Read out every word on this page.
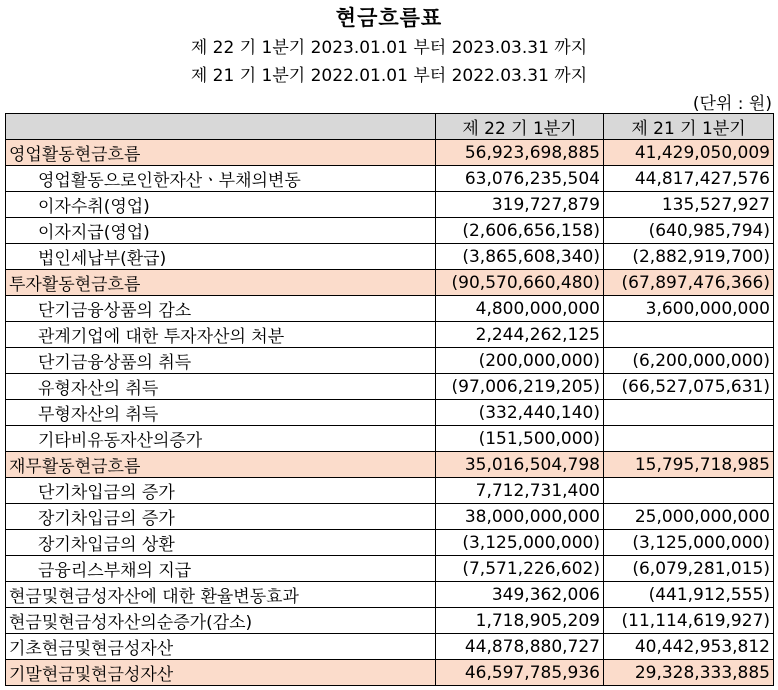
현금흐름표
제 22 기 1분기 2023.01.01 부터 2023.03.31 까지
제 21 기 1분기 2022.01.01 부터 2022.03.31 까지
(단위 : 원)
	제 22 기 1분기	제 21 기 1분기
영업활동현금흐름	56,923,698,885	41,429,050,009
영업활동으로인한자산ㆍ부채의변동	63,076,235,504	44,817,427,576
이자수취(영업)	319,727,879	135,527,927
이자지급(영업)	(2,606,656,158)	(640,985,794)
법인세납부(환급)	(3,865,608,340)	(2,882,919,700)
투자활동현금흐름	(90,570,660,480)	(67,897,476,366)
단기금융상품의 감소	4,800,000,000	3,600,000,000
관계기업에 대한 투자자산의 처분	2,244,262,125	
단기금융상품의 취득	(200,000,000)	(6,200,000,000)
유형자산의 취득	(97,006,219,205)	(66,527,075,631)
무형자산의 취득	(332,440,140)	
기타비유동자산의증가	(151,500,000)	
재무활동현금흐름	35,016,504,798	15,795,718,985
단기차입금의 증가	7,712,731,400	
장기차입금의 증가	38,000,000,000	25,000,000,000
장기차입금의 상환	(3,125,000,000)	(3,125,000,000)
금융리스부채의 지급	(7,571,226,602)	(6,079,281,015)
현금및현금성자산에 대한 환율변동효과	349,362,006	(441,912,555)
현금및현금성자산의순증가(감소)	1,718,905,209	(11,114,619,927)
기초현금및현금성자산	44,878,880,727	40,442,953,812
기말현금및현금성자산	46,597,785,936	29,328,333,885
